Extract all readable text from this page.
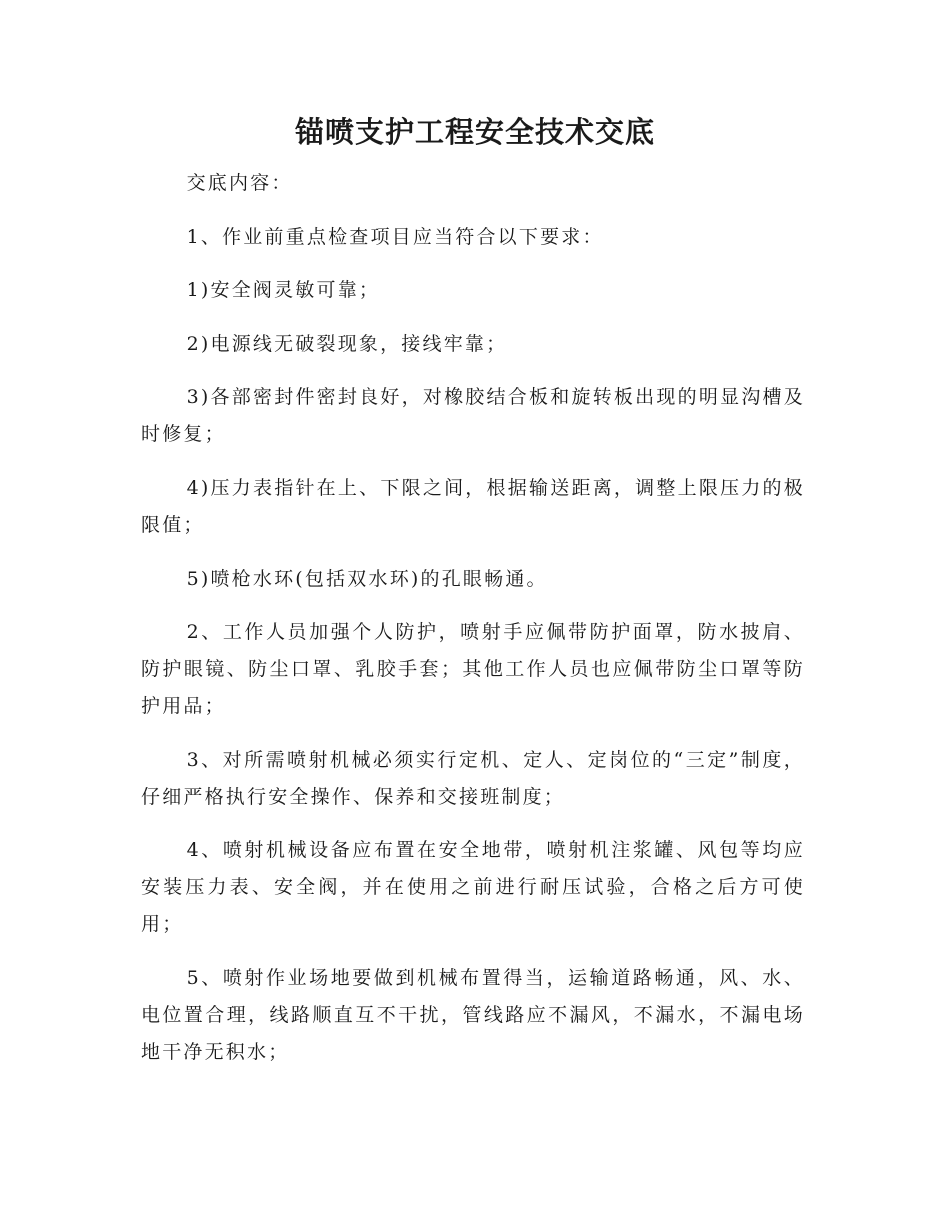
锚喷支护工程安全技术交底

交底内容：

1、作业前重点检查项目应当符合以下要求：

1)安全阀灵敏可靠；

2)电源线无破裂现象，接线牢靠；

3)各部密封件密封良好，对橡胶结合板和旋转板出现的明显沟槽及时修复；

4)压力表指针在上、下限之间，根据输送距离，调整上限压力的极限值；

5)喷枪水环(包括双水环)的孔眼畅通。

2、工作人员加强个人防护，喷射手应佩带防护面罩，防水披肩、防护眼镜、防尘口罩、乳胶手套；其他工作人员也应佩带防尘口罩等防护用品；

3、对所需喷射机械必须实行定机、定人、定岗位的“三定”制度，仔细严格执行安全操作、保养和交接班制度；

4、喷射机械设备应布置在安全地带，喷射机注浆罐、风包等均应安装压力表、安全阀，并在使用之前进行耐压试验，合格之后方可使用；

5、喷射作业场地要做到机械布置得当，运输道路畅通，风、水、电位置合理，线路顺直互不干扰，管线路应不漏风，不漏水，不漏电场地干净无积水；
